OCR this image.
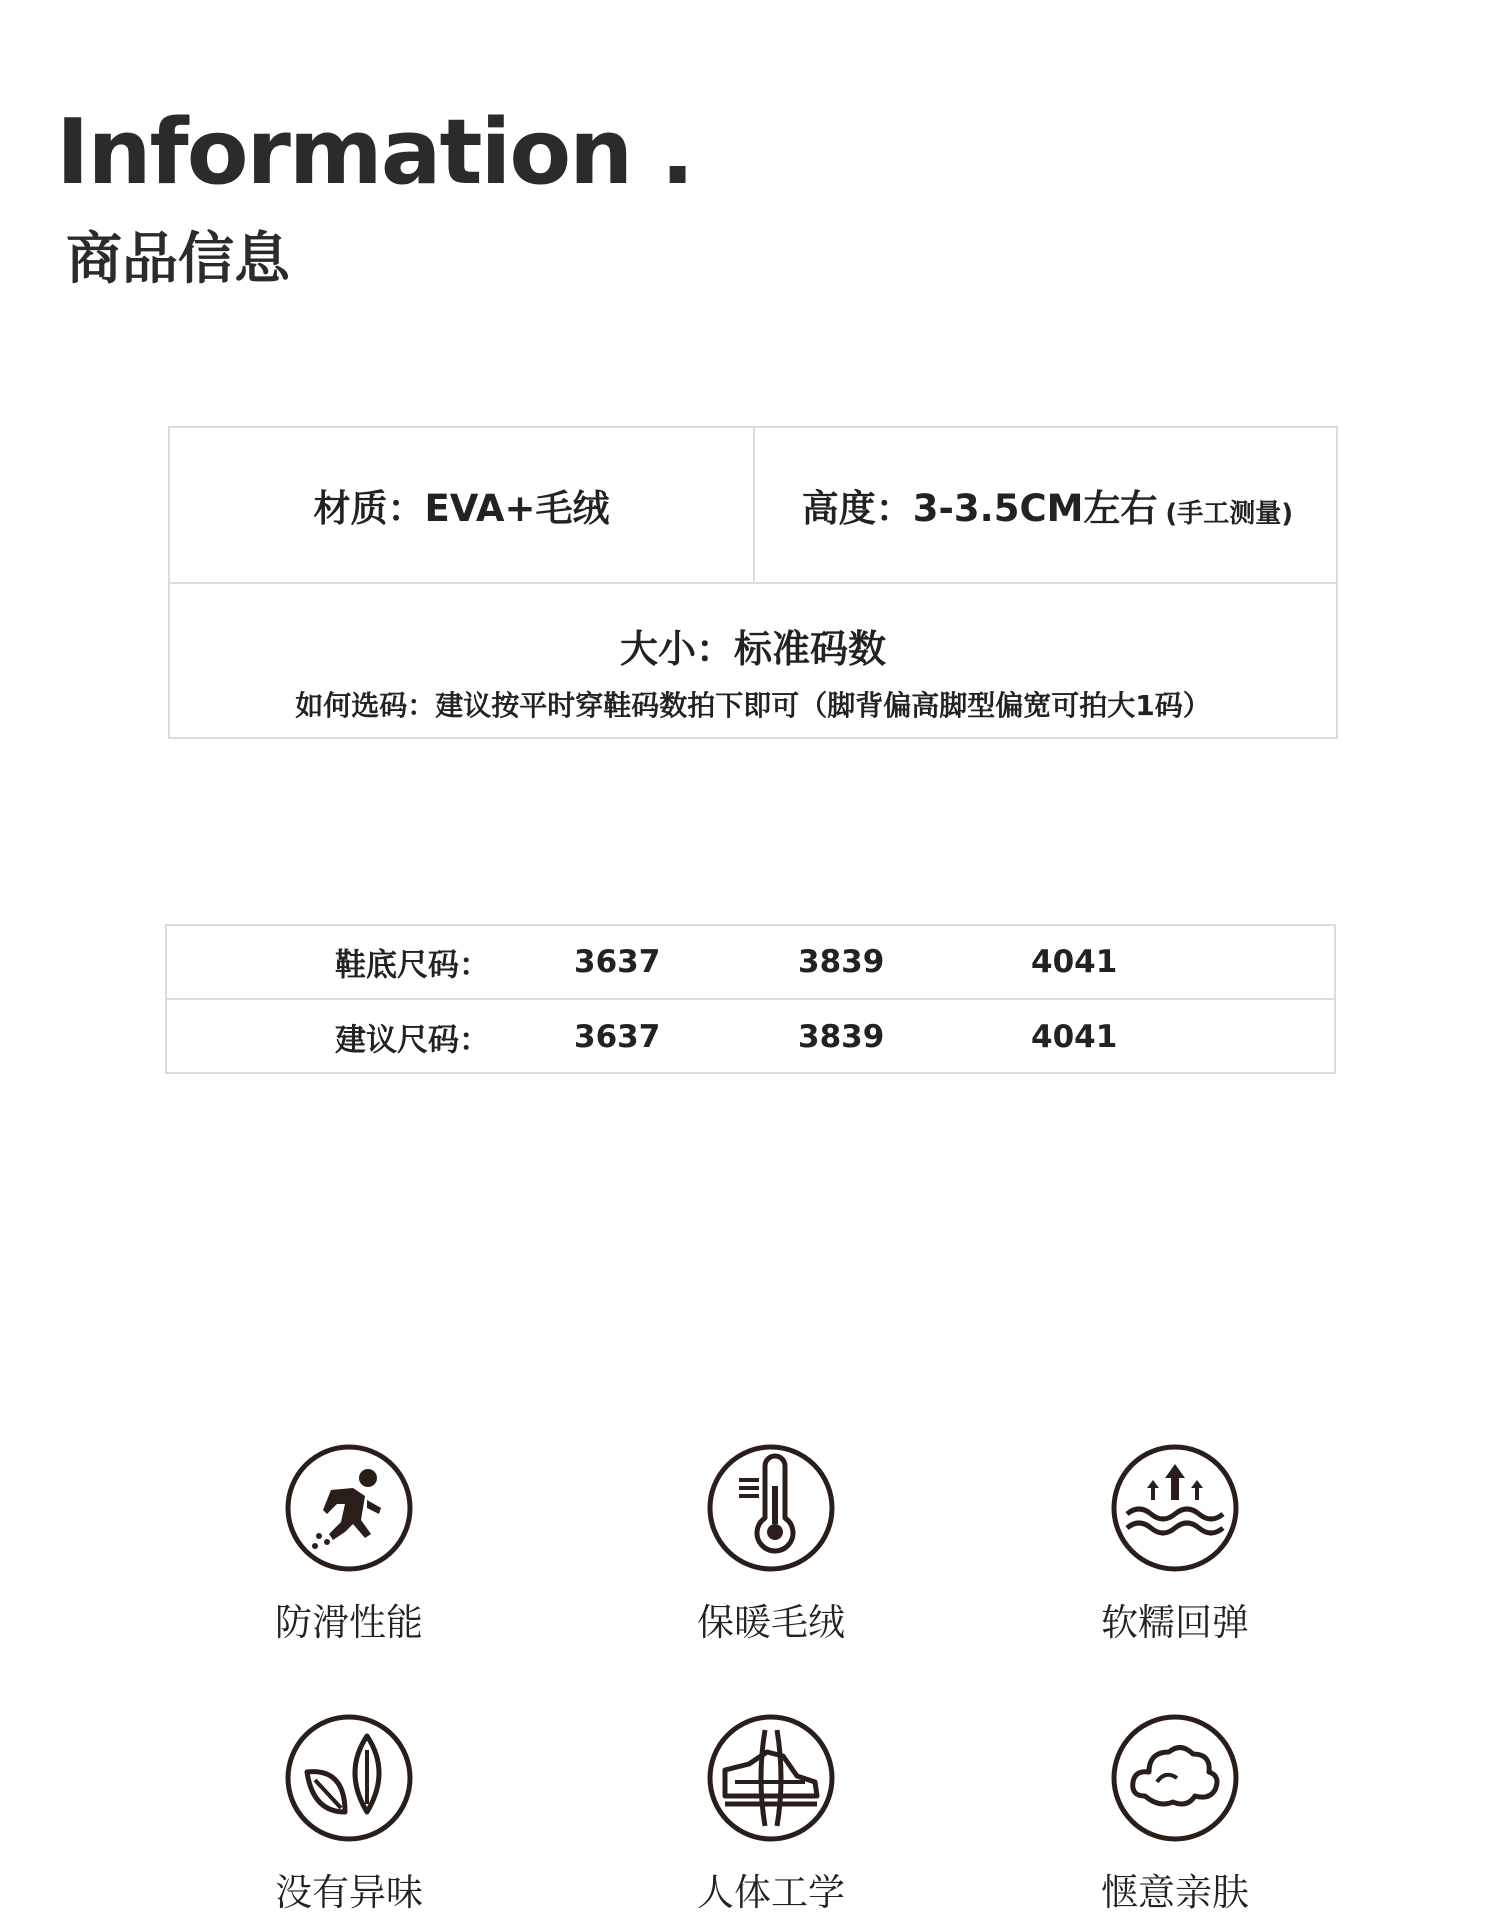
Information .
商品信息
材质：EVA+毛绒	高度：3-3.5CM左右 (手工测量)
大小：标准码数
如何选码：建议按平时穿鞋码数拍下即可（脚背偏高脚型偏宽可拍大1码）
鞋底尺码：	3637	3839	4041
建议尺码：	3637	3839	4041
防滑性能	保暖毛绒	软糯回弹
没有异味	人体工学	惬意亲肤
